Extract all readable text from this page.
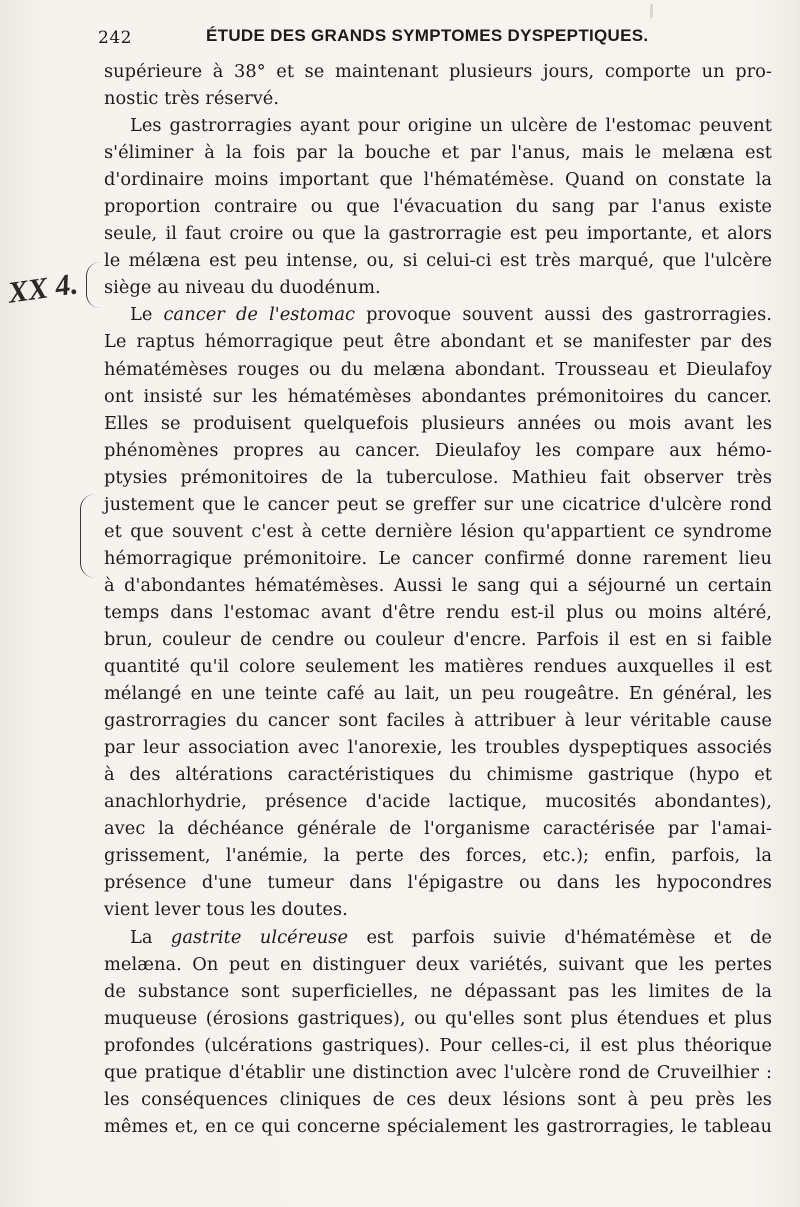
242	ÉTUDE DES GRANDS SYMPTOMES DYSPEPTIQUES.
XX 4.

supérieure à 38° et se maintenant plusieurs jours, comporte un pro-
nostic très réservé.

Les gastrorragies ayant pour origine un ulcère de l'estomac peuvent
s'éliminer à la fois par la bouche et par l'anus, mais le melæna est
d'ordinaire moins important que l'hématémèse. Quand on constate la
proportion contraire ou que l'évacuation du sang par l'anus existe
seule, il faut croire ou que la gastrorragie est peu importante, et alors
le mélæna est peu intense, ou, si celui-ci est très marqué, que l'ulcère
siège au niveau du duodénum.

Le cancer de l'estomac provoque souvent aussi des gastrorragies.
Le raptus hémorragique peut être abondant et se manifester par des
hématémèses rouges ou du melæna abondant. Trousseau et Dieulafoy
ont insisté sur les hématémèses abondantes prémonitoires du cancer.
Elles se produisent quelquefois plusieurs années ou mois avant les
phénomènes propres au cancer. Dieulafoy les compare aux hémo-
ptysies prémonitoires de la tuberculose. Mathieu fait observer très
justement que le cancer peut se greffer sur une cicatrice d'ulcère rond
et que souvent c'est à cette dernière lésion qu'appartient ce syndrome
hémorragique prémonitoire. Le cancer confirmé donne rarement lieu
à d'abondantes hématémèses. Aussi le sang qui a séjourné un certain
temps dans l'estomac avant d'être rendu est-il plus ou moins altéré,
brun, couleur de cendre ou couleur d'encre. Parfois il est en si faible
quantité qu'il colore seulement les matières rendues auxquelles il est
mélangé en une teinte café au lait, un peu rougeâtre. En général, les
gastrorragies du cancer sont faciles à attribuer à leur véritable cause
par leur association avec l'anorexie, les troubles dyspeptiques associés
à des altérations caractéristiques du chimisme gastrique (hypo et
anachlorhydrie, présence d'acide lactique, mucosités abondantes),
avec la déchéance générale de l'organisme caractérisée par l'amai-
grissement, l'anémie, la perte des forces, etc.); enfin, parfois, la
présence d'une tumeur dans l'épigastre ou dans les hypocondres
vient lever tous les doutes.

La gastrite ulcéreuse est parfois suivie d'hématémèse et de
melæna. On peut en distinguer deux variétés, suivant que les pertes
de substance sont superficielles, ne dépassant pas les limites de la
muqueuse (érosions gastriques), ou qu'elles sont plus étendues et plus
profondes (ulcérations gastriques). Pour celles-ci, il est plus théorique
que pratique d'établir une distinction avec l'ulcère rond de Cruveilhier :
les conséquences cliniques de ces deux lésions sont à peu près les
mêmes et, en ce qui concerne spécialement les gastrorragies, le tableau
